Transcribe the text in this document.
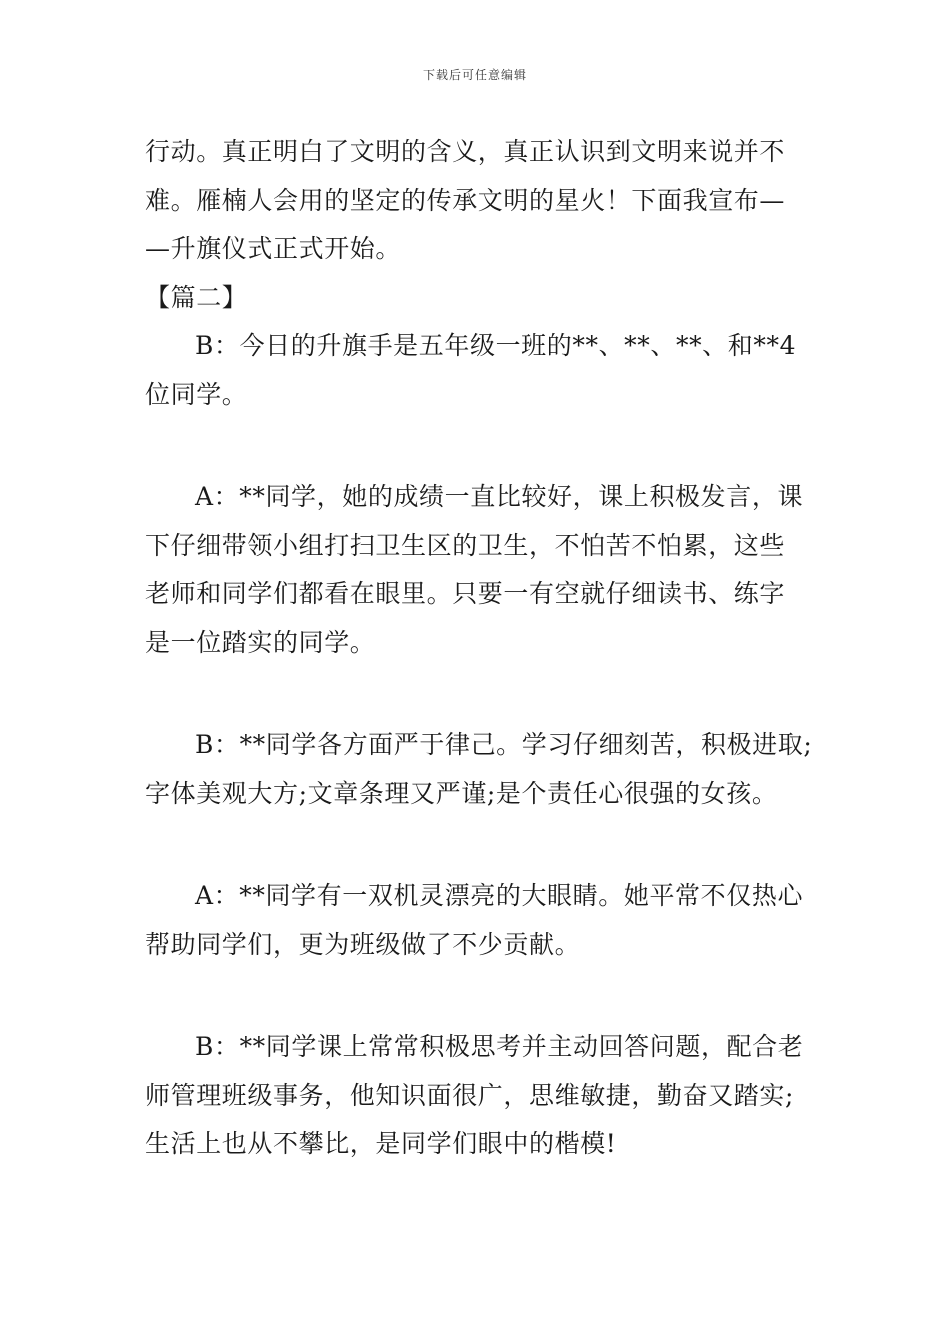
下载后可任意编辑
行动。真正明白了文明的含义，真正认识到文明来说并不
难。雁楠人会用的坚定的传承文明的星火！下面我宣布—
—升旗仪式正式开始。
【篇二】
B：今日的升旗手是五年级一班的**、**、**、和**4
位同学。
A：**同学，她的成绩一直比较好，课上积极发言，课
下仔细带领小组打扫卫生区的卫生，不怕苦不怕累，这些
老师和同学们都看在眼里。只要一有空就仔细读书、练字
是一位踏实的同学。
B：**同学各方面严于律己。学习仔细刻苦，积极进取;
字体美观大方;文章条理又严谨;是个责任心很强的女孩。
A：**同学有一双机灵漂亮的大眼睛。她平常不仅热心
帮助同学们，更为班级做了不少贡献。
B：**同学课上常常积极思考并主动回答问题，配合老
师管理班级事务，他知识面很广，思维敏捷，勤奋又踏实;
生活上也从不攀比，是同学们眼中的楷模!
